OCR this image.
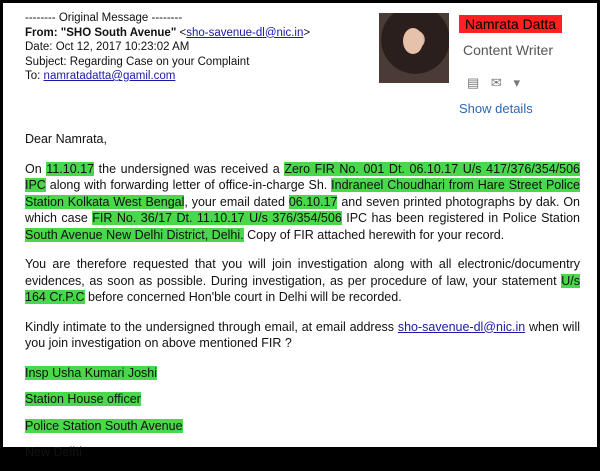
-------- Original Message --------
From: "SHO South Avenue" <sho-savenue-dl@nic.in>
Date: Oct 12, 2017 10:23:02 AM
Subject: Regarding Case on your Complaint
To: namratadatta@gamil.com
Namrata Datta
Content Writer
▤ ✉ ▾
Show details

Dear Namrata,

On 11.10.17 the undersigned was received a Zero FIR No. 001 Dt. 06.10.17 U/s 417/376/354/506 IPC along with forwarding letter of office-in-charge Sh. Indraneel Choudhari from Hare Street Police Station Kolkata West Bengal, your email dated 06.10.17 and seven printed photographs by dak. On which case FIR No. 36/17 Dt. 11.10.17 U/s 376/354/506 IPC has been registered in Police Station South Avenue New Delhi District, Delhi. Copy of FIR attached herewith for your record.

You are therefore requested that you will join investigation along with all electronic/documentry evidences, as soon as possible. During investigation, as per procedure of law, your statement U/s 164 Cr.P.C before concerned Hon'ble court in Delhi will be recorded.

Kindly intimate to the undersigned through email, at email address sho-savenue-dl@nic.in when will you join investigation on above mentioned FIR ?

Insp Usha Kumari Joshi
Station House officer
Police Station South Avenue
New Delhi
